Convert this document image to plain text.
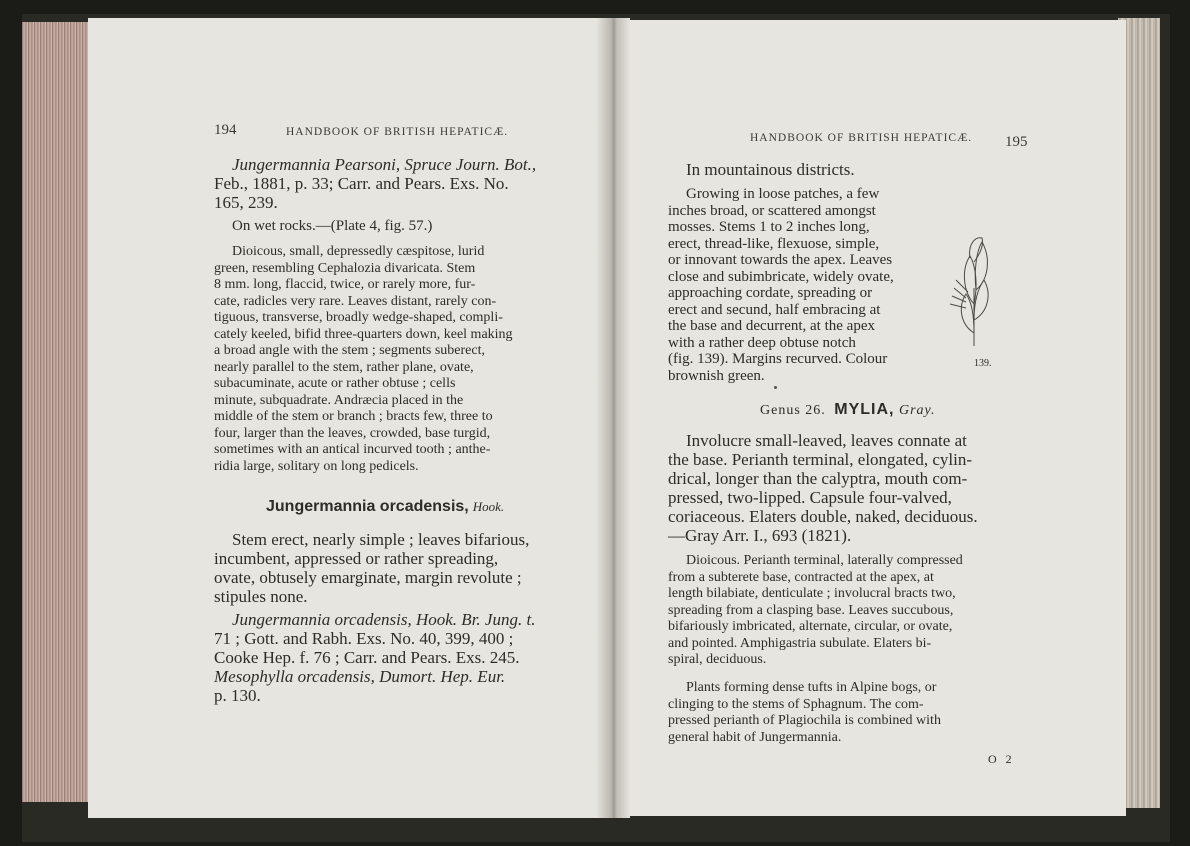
194	HANDBOOK OF BRITISH HEPATICÆ.
Jungermannia Pearsoni, Spruce Journ. Bot.,
Feb., 1881, p. 33; Carr. and Pears. Exs. No.
165, 239.
On wet rocks.—(Plate 4, fig. 57.)
Dioicous, small, depressedly cæspitose, lurid
green, resembling Cephalozia divaricata. Stem
8 mm. long, flaccid, twice, or rarely more, fur-
cate, radicles very rare. Leaves distant, rarely con-
tiguous, transverse, broadly wedge-shaped, compli-
cately keeled, bifid three-quarters down, keel making
a broad angle with the stem ; segments suberect,
nearly parallel to the stem, rather plane, ovate,
subacuminate, acute or rather obtuse ; cells
minute, subquadrate. Andræcia placed in the
middle of the stem or branch ; bracts few, three to
four, larger than the leaves, crowded, base turgid,
sometimes with an antical incurved tooth ; anthe-
ridia large, solitary on long pedicels.
Jungermannia orcadensis, Hook.
Stem erect, nearly simple ; leaves bifarious,
incumbent, appressed or rather spreading,
ovate, obtusely emarginate, margin revolute ;
stipules none.
Jungermannia orcadensis, Hook. Br. Jung. t.
71 ; Gott. and Rabh. Exs. No. 40, 399, 400 ;
Cooke Hep. f. 76 ; Carr. and Pears. Exs. 245.
Mesophylla orcadensis, Dumort. Hep. Eur.
p. 130.
HANDBOOK OF BRITISH HEPATICÆ. 195
In mountainous districts.
Growing in loose patches, a few
inches broad, or scattered amongst
mosses. Stems 1 to 2 inches long,
erect, thread-like, flexuose, simple,
or innovant towards the apex. Leaves
close and subimbricate, widely ovate,
approaching cordate, spreading or
erect and secund, half embracing at
the base and decurrent, at the apex
with a rather deep obtuse notch
(fig. 139). Margins recurved. Colour
brownish green.
139.
Genus 26. MYLIA, Gray.
Involucre small-leaved, leaves connate at
the base. Perianth terminal, elongated, cylin-
drical, longer than the calyptra, mouth com-
pressed, two-lipped. Capsule four-valved,
coriaceous. Elaters double, naked, deciduous.
—Gray Arr. I., 693 (1821).
Dioicous. Perianth terminal, laterally compressed
from a subterete base, contracted at the apex, at
length bilabiate, denticulate ; involucral bracts two,
spreading from a clasping base. Leaves succubous,
bifariously imbricated, alternate, circular, or ovate,
and pointed. Amphigastria subulate. Elaters bi-
spiral, deciduous.
Plants forming dense tufts in Alpine bogs, or
clinging to the stems of Sphagnum. The com-
pressed perianth of Plagiochila is combined with
general habit of Jungermannia.
O 2
